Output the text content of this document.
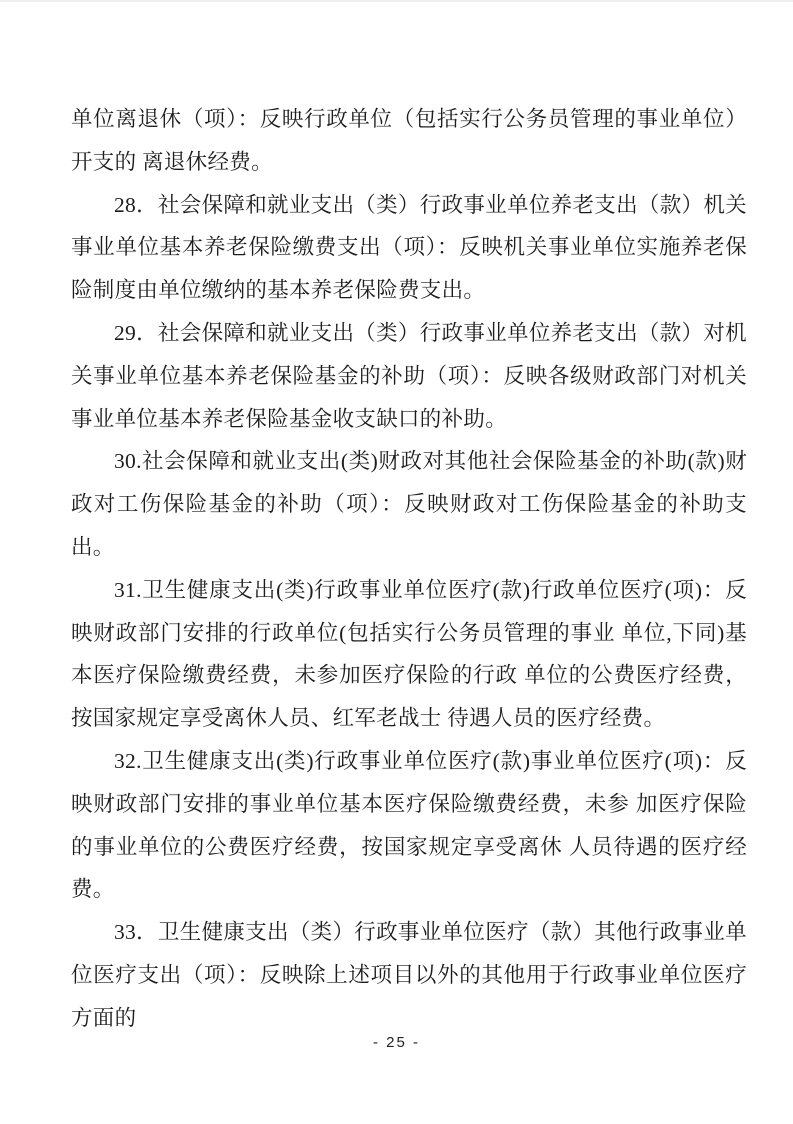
单位离退休（项）：反映行政单位（包括实行公务员管理的事业单位）开支的 离退休经费。

28．社会保障和就业支出（类）行政事业单位养老支出（款）机关事业单位基本养老保险缴费支出（项）：反映机关事业单位实施养老保险制度由单位缴纳的基本养老保险费支出。

29．社会保障和就业支出（类）行政事业单位养老支出（款）对机关事业单位基本养老保险基金的补助（项）：反映各级财政部门对机关事业单位基本养老保险基金收支缺口的补助。

30.社会保障和就业支出(类)财政对其他社会保险基金的补助(款)财政对工伤保险基金的补助（项）：反映财政对工伤保险基金的补助支出。

31.卫生健康支出(类)行政事业单位医疗(款)行政单位医疗(项)：反映财政部门安排的行政单位(包括实行公务员管理的事业 单位,下同)基本医疗保险缴费经费，未参加医疗保险的行政 单位的公费医疗经费，按国家规定享受离休人员、红军老战士 待遇人员的医疗经费。

32.卫生健康支出(类)行政事业单位医疗(款)事业单位医疗(项)：反映财政部门安排的事业单位基本医疗保险缴费经费，未参 加医疗保险的事业单位的公费医疗经费，按国家规定享受离休 人员待遇的医疗经费。

33．卫生健康支出（类）行政事业单位医疗（款）其他行政事业单位医疗支出（项）：反映除上述项目以外的其他用于行政事业单位医疗方面的

- 25 -
